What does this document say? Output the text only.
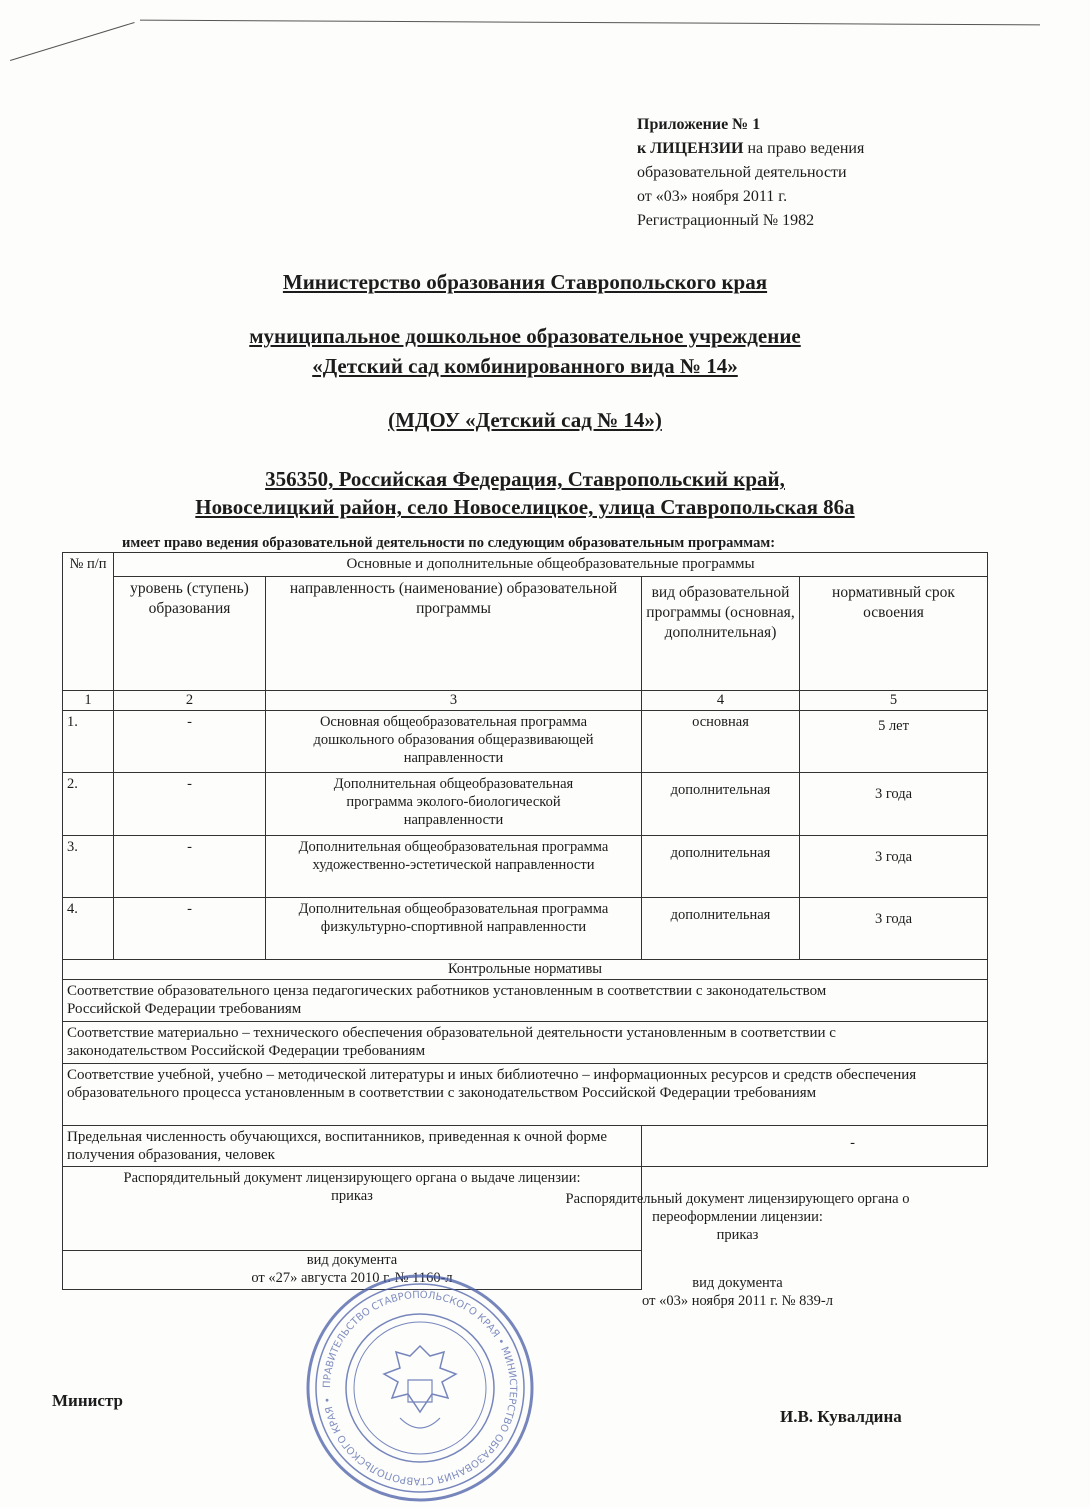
Приложение № 1
к ЛИЦЕНЗИИ на право ведения
образовательной деятельности
от «03» ноября 2011 г.
Регистрационный № 1982
Министерство образования Ставропольского края
муниципальное дошкольное образовательное учреждение
«Детский сад комбинированного вида № 14»
(МДОУ «Детский сад № 14»)
356350, Российская Федерация, Ставропольский край,
Новоселицкий район, село Новоселицкое, улица Ставропольская 86а
имеет право ведения образовательной деятельности по следующим образовательным программам:
№ п/п	Основные и дополнительные общеобразовательные программы			
	уровень (ступень) образования	направленность (наименование) образовательной программы	вид образовательной программы (основная, дополнительная)	нормативный срок освоения
1	2	3	4	5
1.	-	Основная общеобразовательная программа дошкольного образования общеразвивающей направленности	основная	5 лет
2.	-	Дополнительная общеобразовательная программа эколого-биологической направленности	дополнительная	3 года
3.	-	Дополнительная общеобразовательная программа художественно-эстетической направленности	дополнительная	3 года
4.	-	Дополнительная общеобразовательная программа физкультурно-спортивной направленности	дополнительная	3 года
Контрольные нормативы				
Соответствие образовательного ценза педагогических работников установленным в соответствии с законодательством Российской Федерации требованиям				
Соответствие материально – технического обеспечения образовательной деятельности установленным в соответствии с законодательством Российской Федерации требованиям				
Соответствие учебной, учебно – методической литературы и иных библиотечно – информационных ресурсов и средств обеспечения образовательного процесса установленным в соответствии с законодательством Российской Федерации требованиям				
Предельная численность обучающихся, воспитанников, приведенная к очной форме получения образования, человек			-	

Распорядительный документ лицензирующего органа о выдаче лицензии:
приказ				

вид документа
от «27» августа 2010 г. № 1160-л				
Распорядительный документ лицензирующего органа о переоформлении лицензии:
приказ
вид документа
от «03» ноября 2011 г. № 839-л
ПРАВИТЕЛЬСТВО СТАВРОПОЛЬСКОГО КРАЯ • МИНИСТЕРСТВО ОБРАЗОВАНИЯ СТАВРОПОЛЬСКОГО КРАЯ •
Министр
И.В. Кувалдина
